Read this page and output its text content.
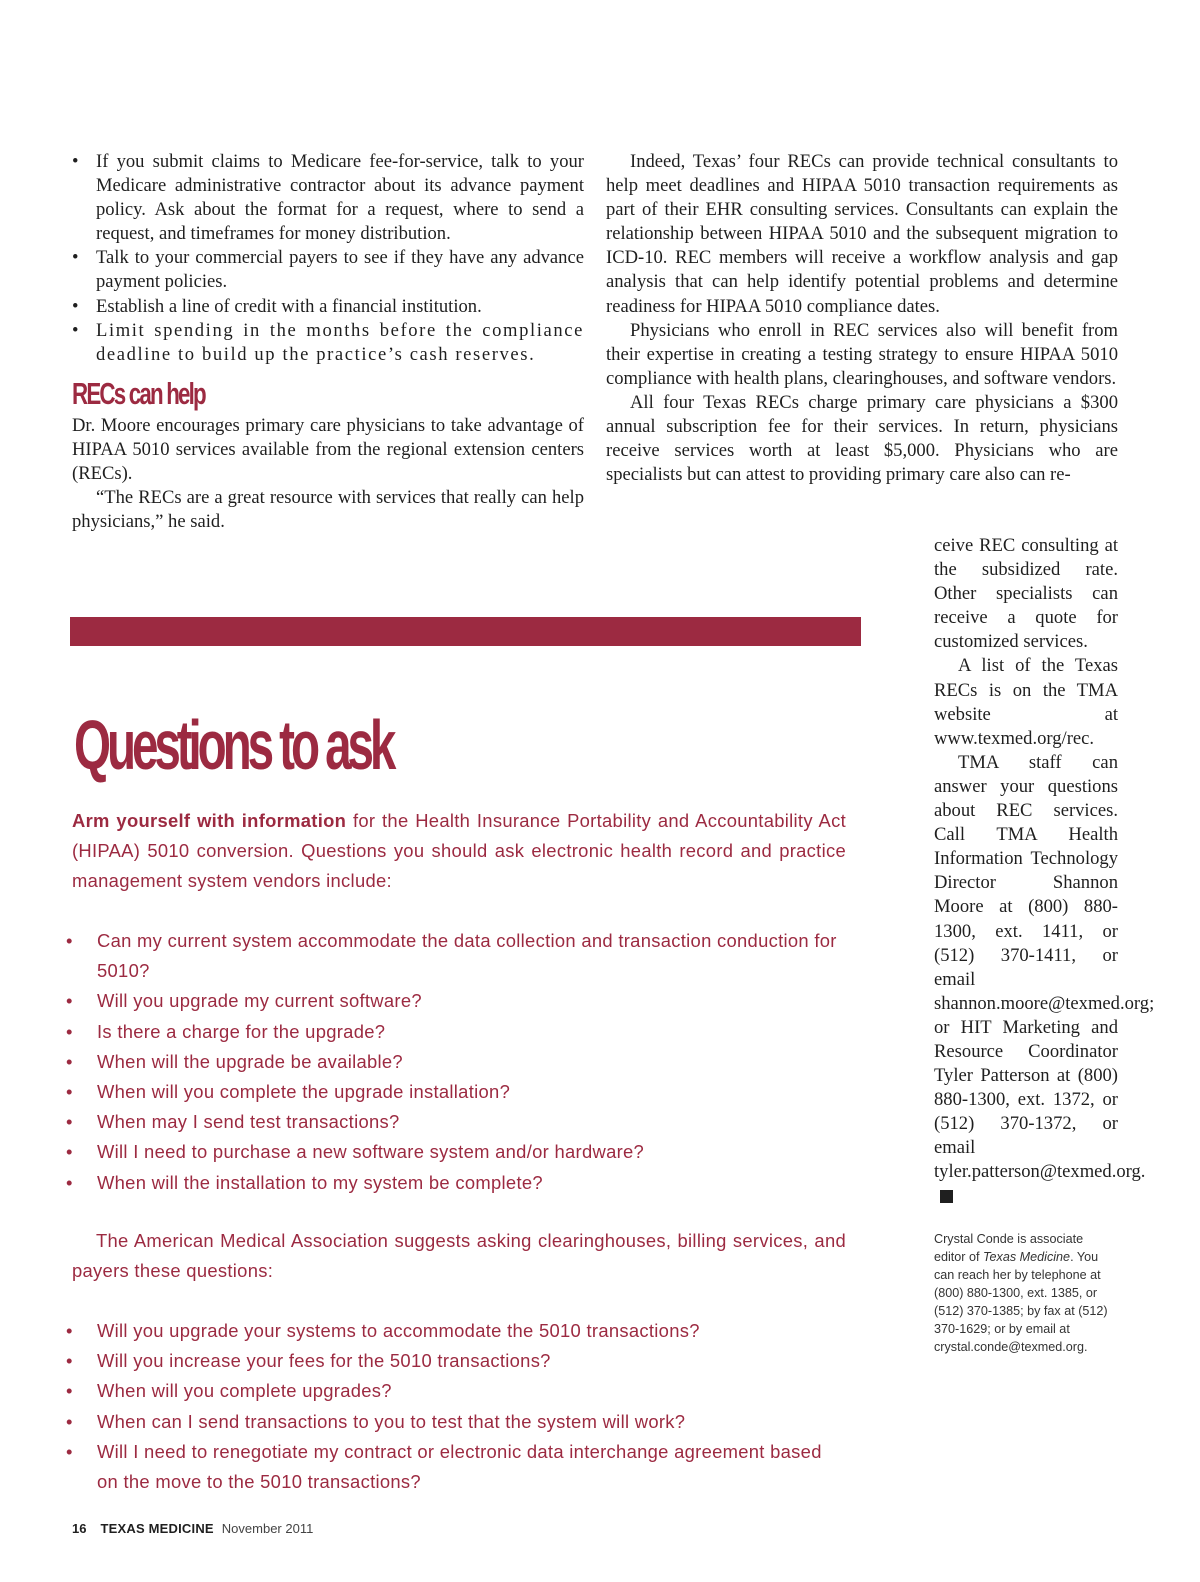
• If you submit claims to Medicare fee-for-service, talk to your Medicare administrative contractor about its advance payment policy. Ask about the format for a request, where to send a request, and timeframes for money distribution.
• Talk to your commercial payers to see if they have any advance payment policies.
• Establish a line of credit with a financial institution.
• Limit spending in the months before the compliance deadline to build up the practice’s cash reserves.
RECs can help

Dr. Moore encourages primary care physicians to take advantage of HIPAA 5010 services available from the regional extension centers (RECs).

“The RECs are a great resource with services that really can help physicians,” he said.

Indeed, Texas’ four RECs can provide technical consultants to help meet deadlines and HIPAA 5010 transaction requirements as part of their EHR consulting services. Consultants can explain the relationship between HIPAA 5010 and the subsequent migration to ICD-10. REC members will receive a workflow analysis and gap analysis that can help identify potential problems and determine readiness for HIPAA 5010 compliance dates.

Physicians who enroll in REC services also will benefit from their expertise in creating a testing strategy to ensure HIPAA 5010 compliance with health plans, clearinghouses, and software vendors.

All four Texas RECs charge primary care physicians a $300 annual subscription fee for their services. In return, physicians receive services worth at least $5,000. Physicians who are specialists but can attest to providing primary care also can re-

ceive REC consulting at the subsidized rate. Other specialists can receive a quote for customized services.

A list of the Texas RECs is on the TMA website at www.texmed.org/rec.

TMA staff can answer your questions about REC services. Call TMA Health Information Technology Director Shannon Moore at (800) 880-1300, ext. 1411, or (512) 370-1411, or email shannon.moore@texmed.org; or HIT Marketing and Resource Coordinator Tyler Patterson at (800) 880-1300, ext. 1372, or (512) 370-1372, or email tyler.patterson@texmed.org.

Crystal Conde is associate editor of Texas Medicine. You can reach her by telephone at (800) 880-1300, ext. 1385, or (512) 370-1385; by fax at (512) 370-1629; or by email at crystal.conde@texmed.org.
Questions to ask

Arm yourself with information for the Health Insurance Portability and Accountability Act (HIPAA) 5010 conversion. Questions you should ask electronic health record and practice management system vendors include:

• Can my current system accommodate the data collection and transaction conduction for 5010?
• Will you upgrade my current software?
• Is there a charge for the upgrade?
• When will the upgrade be available?
• When will you complete the upgrade installation?
• When may I send test transactions?
• Will I need to purchase a new software system and/or hardware?
• When will the installation to my system be complete?

The American Medical Association suggests asking clearinghouses, billing services, and payers these questions:

• Will you upgrade your systems to accommodate the 5010 transactions?
• Will you increase your fees for the 5010 transactions?
• When will you complete upgrades?
• When can I send transactions to you to test that the system will work?
• Will I need to renegotiate my contract or electronic data interchange agreement based on the move to the 5010 transactions?
16 TEXAS MEDICINE November 2011
